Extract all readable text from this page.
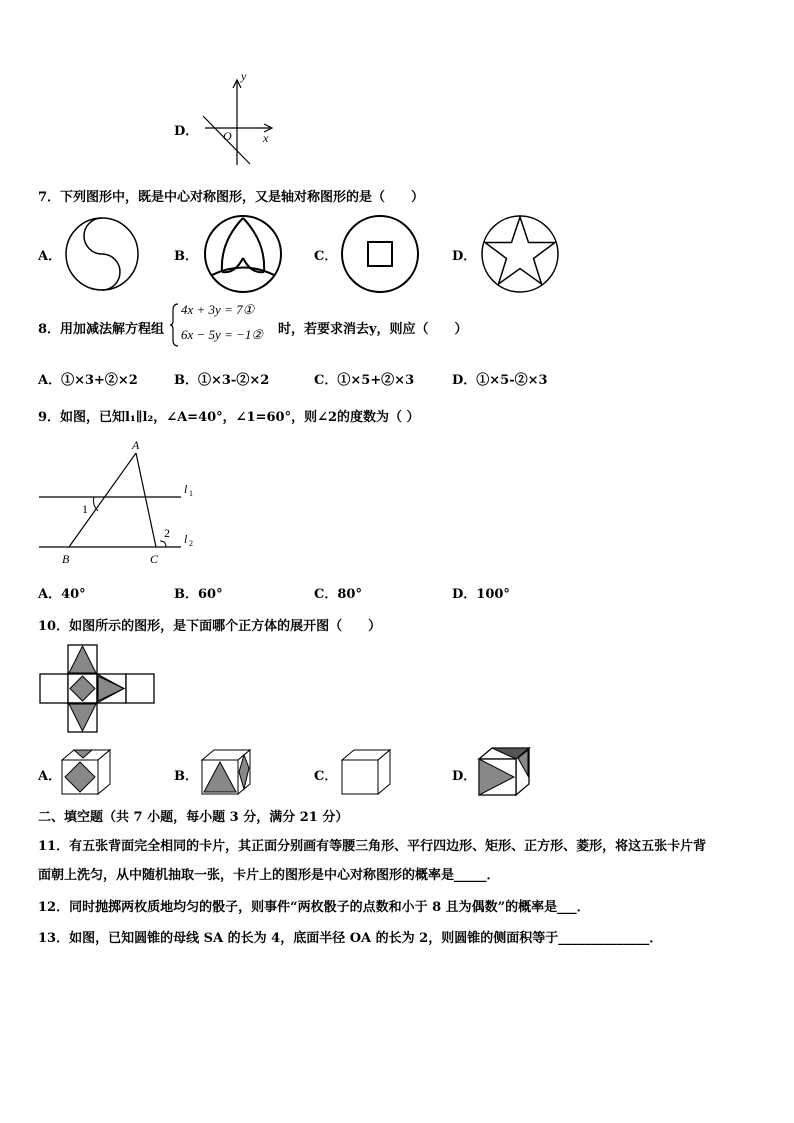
D．
y
x
O
7．下列图形中，既是中心对称图形，又是轴对称图形的是（　　）
A．	B．	C．	D．
8．用加减法解方程组
4x + 3y = 7①
6x − 5y = −1② 时，若要求消去y，则应（　　）
A．①×3+②×2	B．①×3-②×2	C．①×5+②×3	D．①×5-②×3
9．如图，已知l₁∥l₂，∠A=40°，∠1=60°，则∠2的度数为（ ）
A
B	C
1
2
l 1
l 2
A．40°	B．60°	C．80°	D．100°
10．如图所示的图形，是下面哪个正方体的展开图（　　）
A．	B．	C．	D．
二、填空题（共 7 小题，每小题 3 分，满分 21 分）
11．有五张背面完全相同的卡片，其正面分别画有等腰三角形、平行四边形、矩形、正方形、菱形，将这五张卡片背
面朝上洗匀，从中随机抽取一张，卡片上的图形是中心对称图形的概率是_____．
12．同时抛掷两枚质地均匀的骰子，则事件“两枚骰子的点数和小于 8 且为偶数”的概率是___．
13．如图，已知圆锥的母线 SA 的长为 4，底面半径 OA 的长为 2，则圆锥的侧面积等于______________．
